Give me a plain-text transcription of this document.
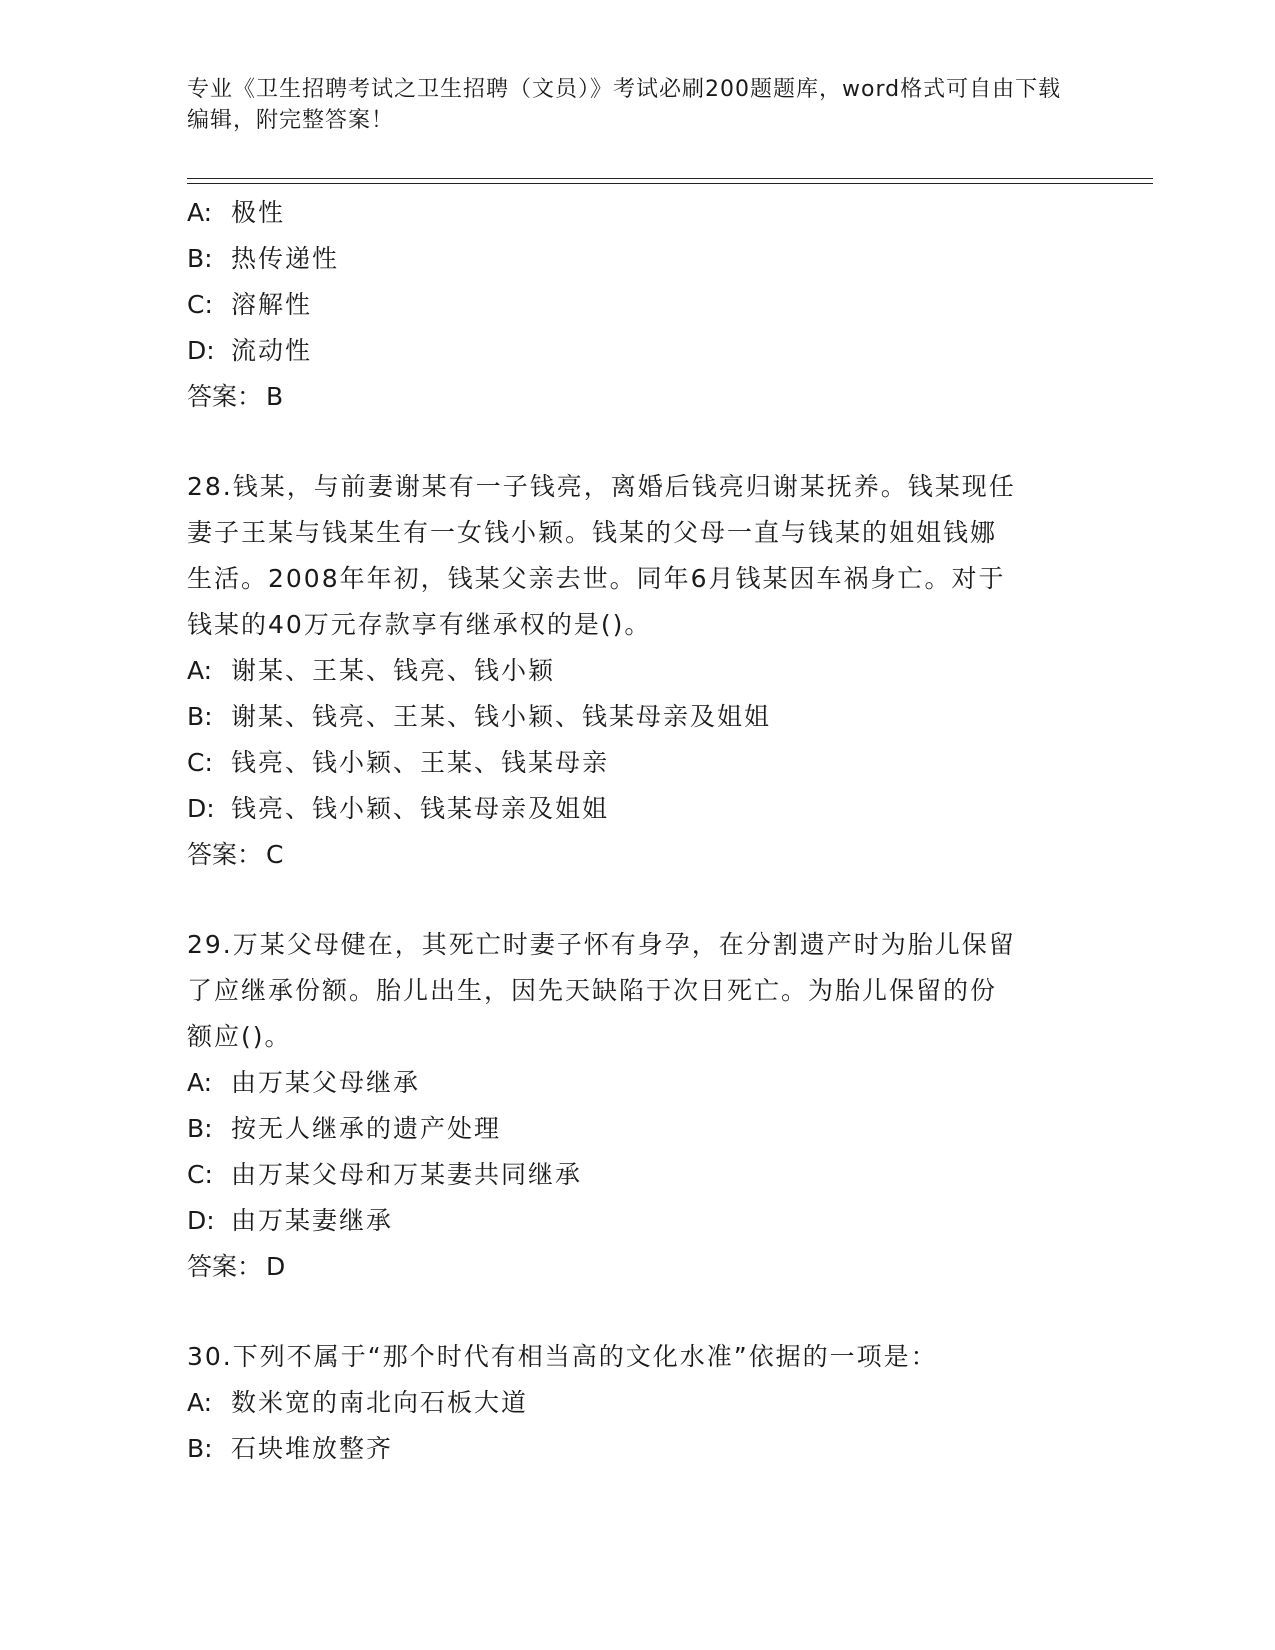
专业《卫生招聘考试之卫生招聘（文员）》考试必刷200题题库，word格式可自由下载编辑，附完整答案！
A: 极性
B: 热传递性
C: 溶解性
D: 流动性
答案： B
28.钱某，与前妻谢某有一子钱亮，离婚后钱亮归谢某抚养。钱某现任
妻子王某与钱某生有一女钱小颖。钱某的父母一直与钱某的姐姐钱娜
生活。2008年年初，钱某父亲去世。同年6月钱某因车祸身亡。对于
钱某的40万元存款享有继承权的是()。
A: 谢某、王某、钱亮、钱小颖
B: 谢某、钱亮、王某、钱小颖、钱某母亲及姐姐
C: 钱亮、钱小颖、王某、钱某母亲
D: 钱亮、钱小颖、钱某母亲及姐姐
答案： C
29.万某父母健在，其死亡时妻子怀有身孕，在分割遗产时为胎儿保留
了应继承份额。胎儿出生，因先天缺陷于次日死亡。为胎儿保留的份
额应()。
A: 由万某父母继承
B: 按无人继承的遗产处理
C: 由万某父母和万某妻共同继承
D: 由万某妻继承
答案： D
30.下列不属于“那个时代有相当高的文化水准”依据的一项是：
A: 数米宽的南北向石板大道
B: 石块堆放整齐
